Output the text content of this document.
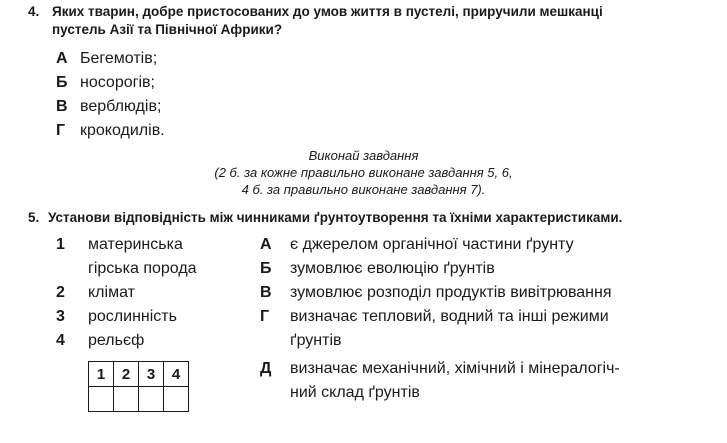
4. Яких тварин, добре пристосованих до умов життя в пустелі, приручили мешканці
пустель Азії та Північної Африки?
А Бегемотів;
Б носорогів;
В верблюдів;
Г крокодилів.
Виконай завдання
(2 б. за кожне правильно виконане завдання 5, 6,
4 б. за правильно виконане завдання 7).
5. Установи відповідність між чинниками ґрунтоутворення та їхніми характеристиками.
1 материнська
гірська порода
2 клімат
3 рослинність
4 рельєф
1	2	3	4

А є джерелом органічної частини ґрунту
Б зумовлює еволюцію ґрунтів
В зумовлює розподіл продуктів вивітрювання
Г визначає тепловий, водний та інші режими
ґрунтів
Д визначає механічний, хімічний і мінералогіч-
ний склад ґрунтів
